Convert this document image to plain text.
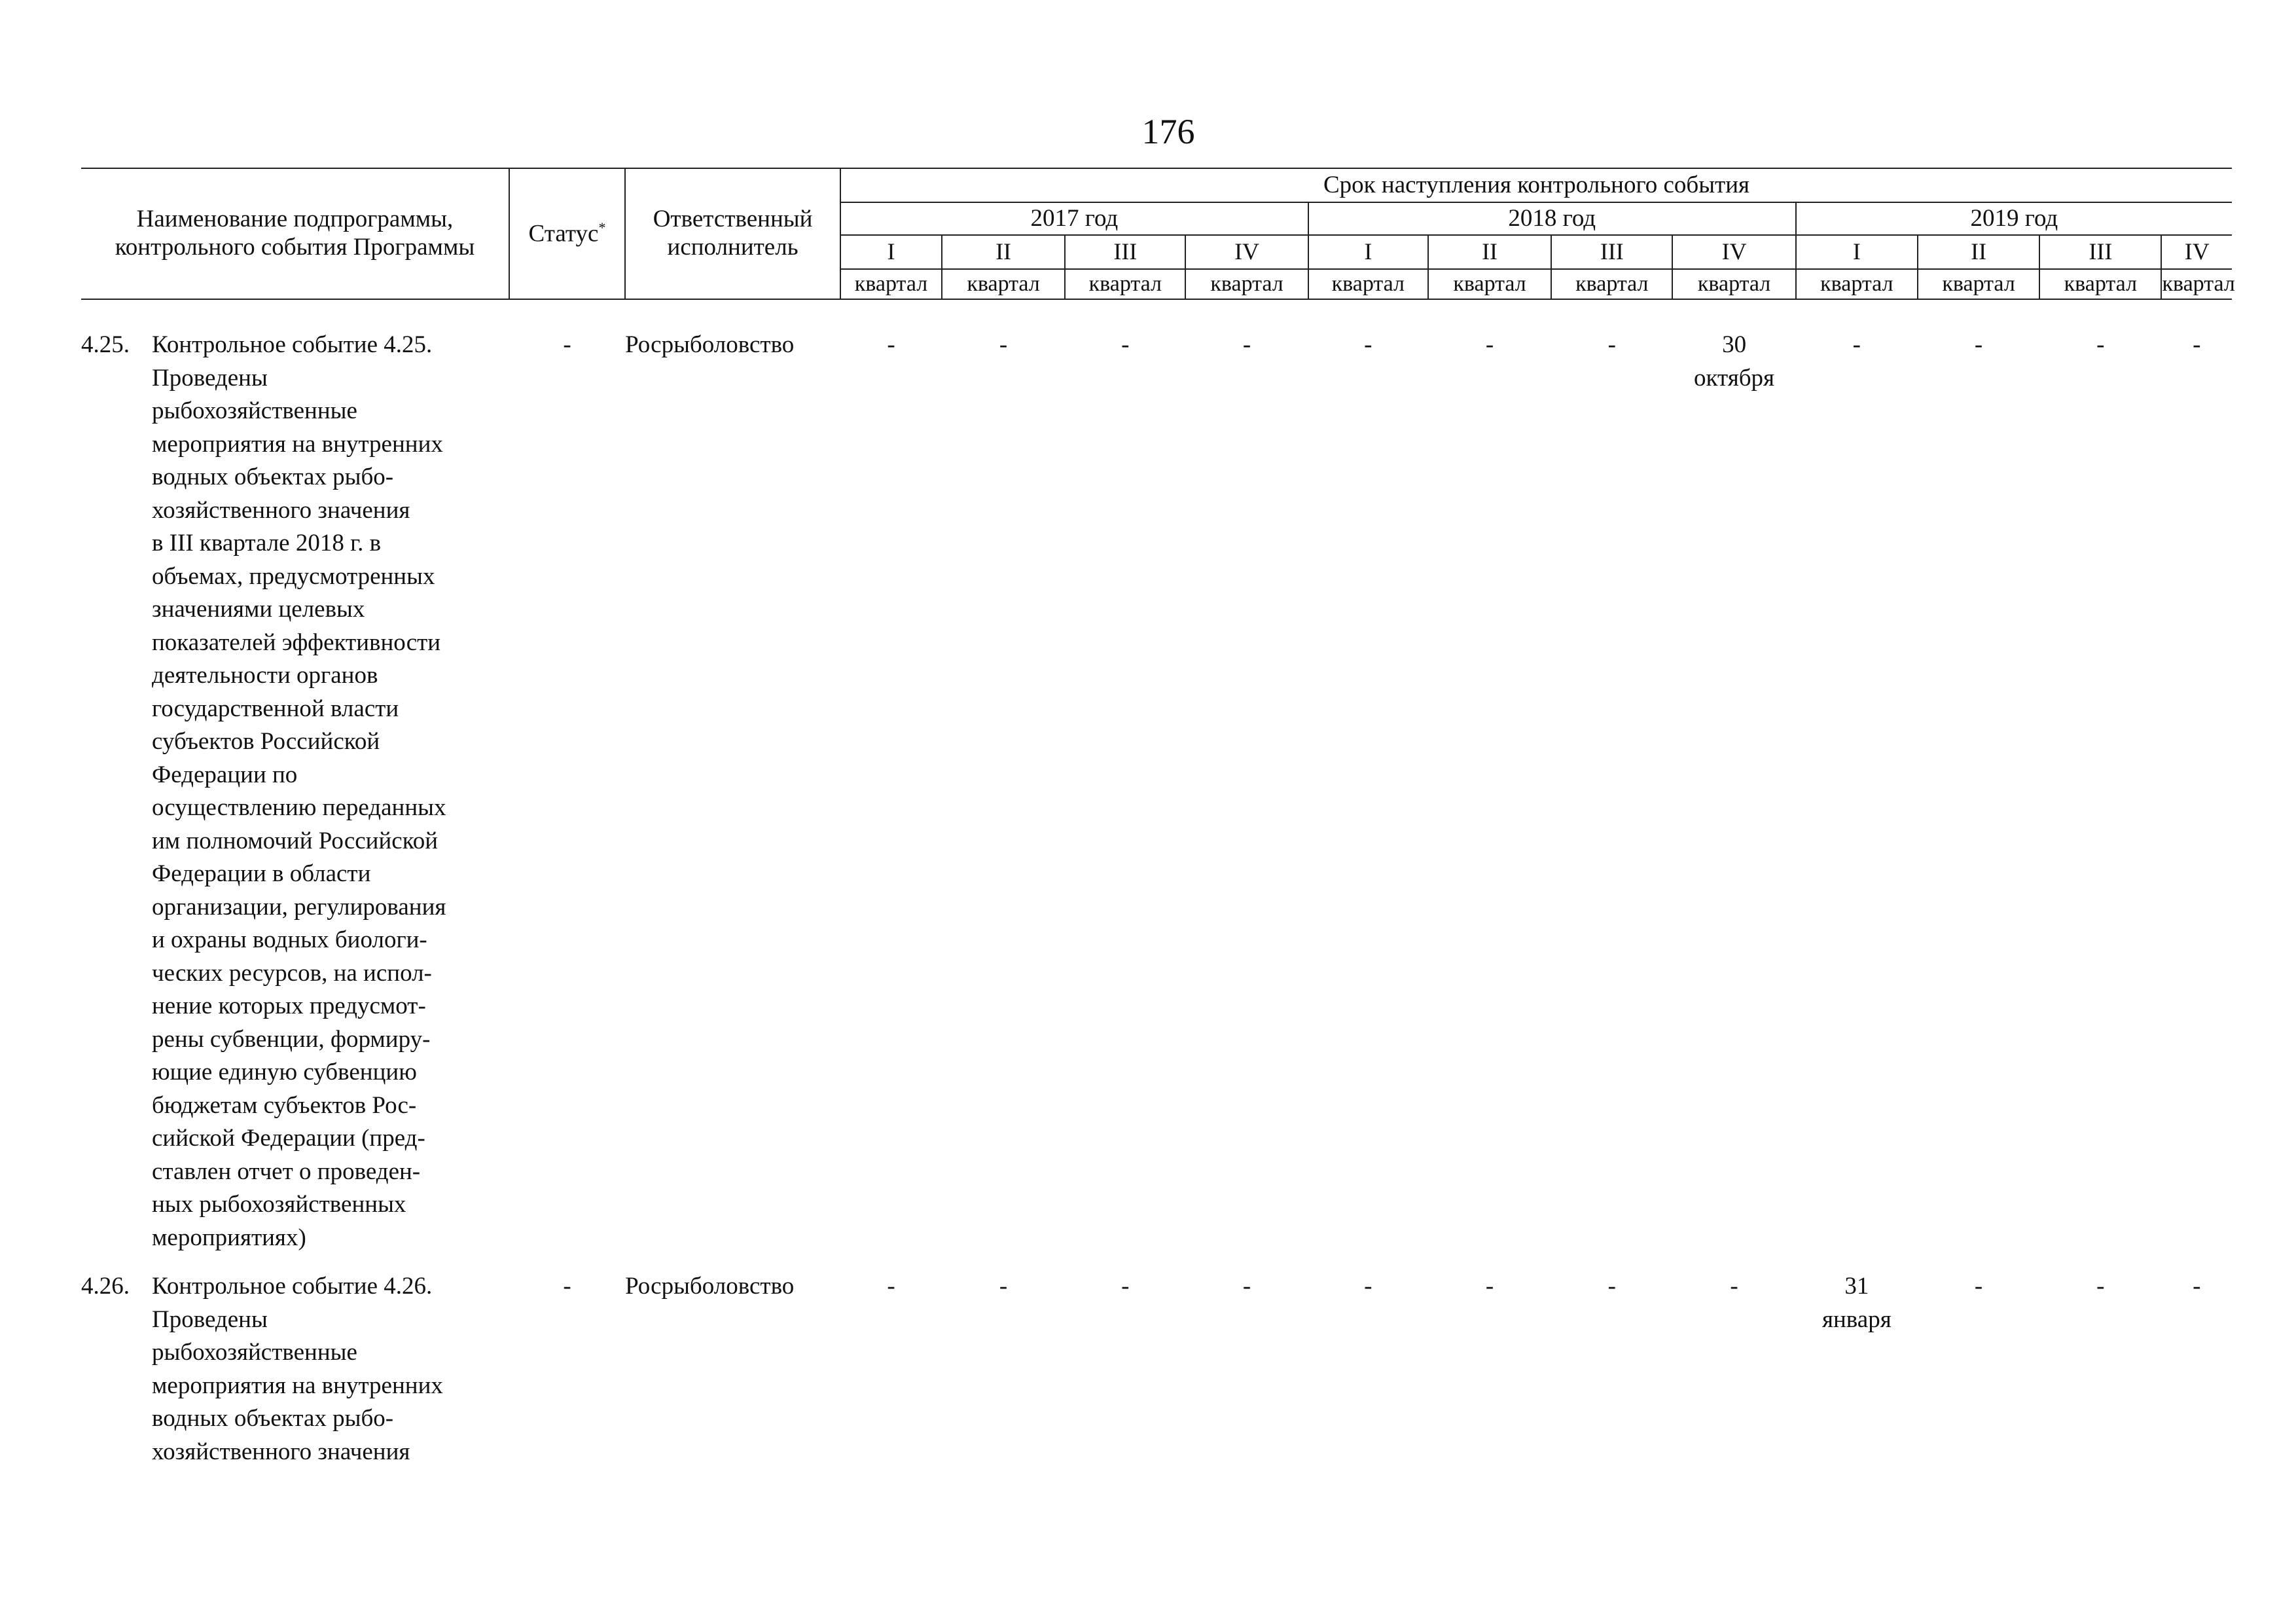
176
Наименование подпрограммы, контрольного события Программы	Статус*	Ответственный исполнитель	Срок наступления контрольного события
2017 год	2018 год	2019 год
I	II	III	IV	I	II	III	IV	I	II	III	IV
квартал	квартал	квартал	квартал	квартал	квартал	квартал	квартал	квартал	квартал	квартал	квартал

4.25.	Контрольное событие 4.25.
Проведены
рыбохозяйственные
мероприятия на внутренних
водных объектах рыбо-
хозяйственного значения
в III квартале 2018 г. в
объемах, предусмотренных
значениями целевых
показателей эффективности
деятельности органов
государственной власти
субъектов Российской
Федерации по
осуществлению переданных
им полномочий Российской
Федерации в области
организации, регулирования
и охраны водных биологи-
ческих ресурсов, на испол-
нение которых предусмот-
рены субвенции, формиру-
ющие единую субвенцию
бюджетам субъектов Рос-
сийской Федерации (пред-
ставлен отчет о проведен-
ных рыбохозяйственных
мероприятиях)
	-	Росрыболовство	-	-	-	-	-	-	-	30
октября	-	-	-	-

4.26.	Контрольное событие 4.26.
Проведены
рыбохозяйственные
мероприятия на внутренних
водных объектах рыбо-
хозяйственного значения
	-	Росрыболовство	-	-	-	-	-	-	-	-	31
января	-	-	-
